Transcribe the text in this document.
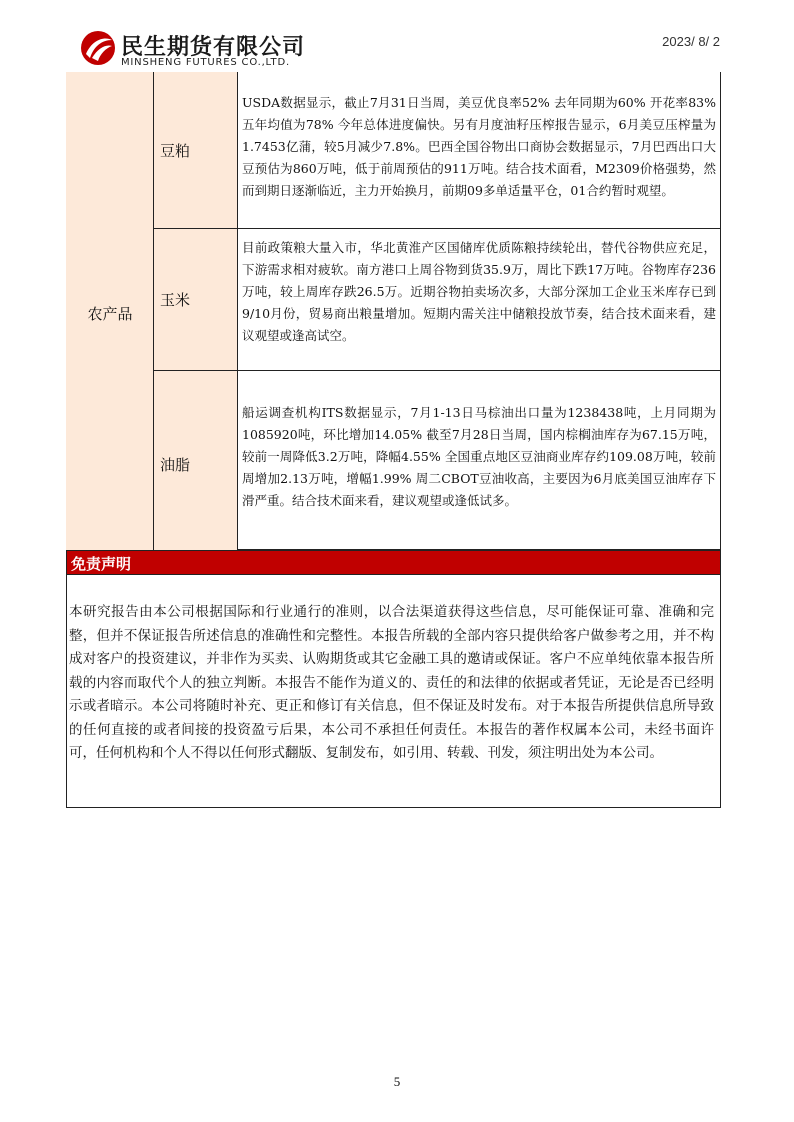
民生期货有限公司
MINSHENG FUTURES CO.,LTD.
2023/ 8/ 2
农产品
豆粕
USDA数据显示，截止7月31日当周，美豆优良率52% 去年同期为60% 开花率83% 五年均值为78% 今年总体进度偏快。另有月度油籽压榨报告显示，6月美豆压榨量为1.7453亿蒲，较5月减少7.8%。巴西全国谷物出口商协会数据显示，7月巴西出口大豆预估为860万吨，低于前周预估的911万吨。结合技术面看，M2309价格强势，然而到期日逐渐临近，主力开始换月，前期09多单适量平仓，01合约暂时观望。
玉米
目前政策粮大量入市，华北黄淮产区国储库优质陈粮持续轮出，替代谷物供应充足，下游需求相对疲软。南方港口上周谷物到货35.9万，周比下跌17万吨。谷物库存236万吨，较上周库存跌26.5万。近期谷物拍卖场次多，大部分深加工企业玉米库存已到9/10月份，贸易商出粮量增加。短期内需关注中储粮投放节奏，结合技术面来看，建议观望或逢高试空。
油脂
船运调查机构ITS数据显示，7月1-13日马棕油出口量为1238438吨，上月同期为1085920吨，环比增加14.05% 截至7月28日当周，国内棕榈油库存为67.15万吨，较前一周降低3.2万吨，降幅4.55% 全国重点地区豆油商业库存约109.08万吨，较前周增加2.13万吨，增幅1.99% 周二CBOT豆油收高，主要因为6月底美国豆油库存下滑严重。结合技术面来看，建议观望或逢低试多。
免责声明
本研究报告由本公司根据国际和行业通行的准则，以合法渠道获得这些信息，尽可能保证可靠、准确和完整，但并不保证报告所述信息的准确性和完整性。本报告所载的全部内容只提供给客户做参考之用，并不构成对客户的投资建议，并非作为买卖、认购期货或其它金融工具的邀请或保证。客户不应单纯依靠本报告所载的内容而取代个人的独立判断。本报告不能作为道义的、责任的和法律的依据或者凭证，无论是否已经明示或者暗示。本公司将随时补充、更正和修订有关信息，但不保证及时发布。对于本报告所提供信息所导致的任何直接的或者间接的投资盈亏后果，本公司不承担任何责任。本报告的著作权属本公司，未经书面许可，任何机构和个人不得以任何形式翻版、复制发布，如引用、转载、刊发，须注明出处为本公司。
5
